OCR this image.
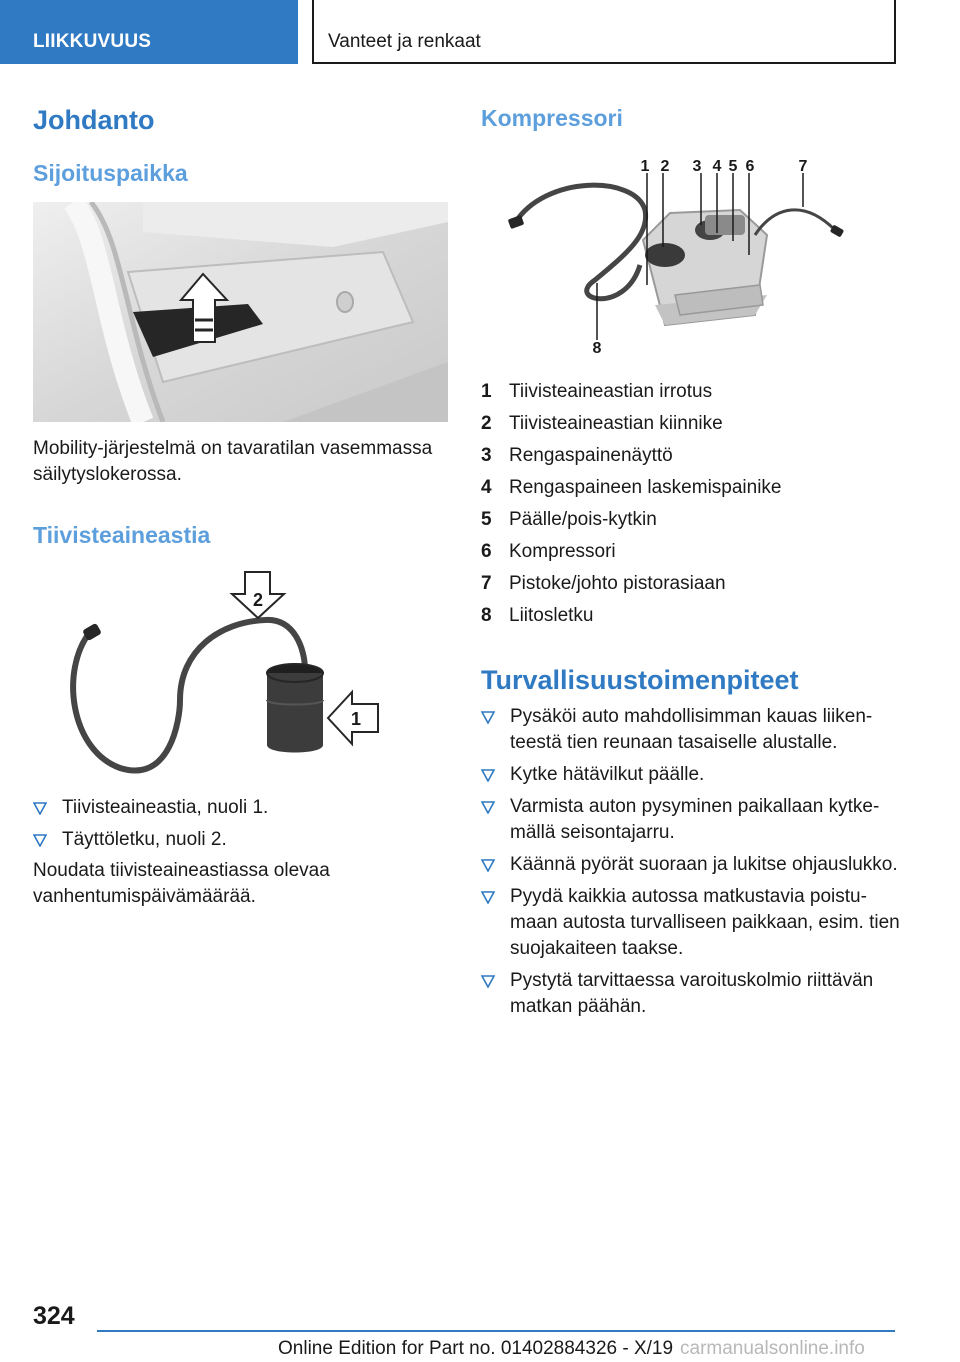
LIIKKUVUUS	Vanteet ja renkaat
Johdanto
Sijoituspaikka

Mobility-järjestelmä on tavaratilan vasemmassa säilytyslokerossa.

Tiivisteaineastia
2
1
Tiivisteaineastia, nuoli 1.
Täyttöletku, nuoli 2.

Noudata tiivisteaineastiassa olevaa vanhentumispäivämäärää.

Kompressori
1 2 3 4 5 6	7
8
1 Tiivisteaineastian irrotus
2 Tiivisteaineastian kiinnike
3 Rengaspainenäyttö
4 Rengaspaineen laskemispainike
5 Päälle/pois-kytkin
6 Kompressori
7 Pistoke/johto pistorasiaan
8 Liitosletku
Turvallisuustoimenpiteet
Pysäköi auto mahdollisimman kauas liikenteestä tien reunaan tasaiselle alustalle.
Kytke hätävilkut päälle.
Varmista auton pysyminen paikallaan kytkemällä seisontajarru.
Käännä pyörät suoraan ja lukitse ohjauslukko.
Pyydä kaikkia autossa matkustavia poistumaan autosta turvalliseen paikkaan, esim. tien suojakaiteen taakse.
Pystytä tarvittaessa varoituskolmio riittävän matkan päähän.
324
Online Edition for Part no. 01402884326 - X/19 carmanualsonline.info
